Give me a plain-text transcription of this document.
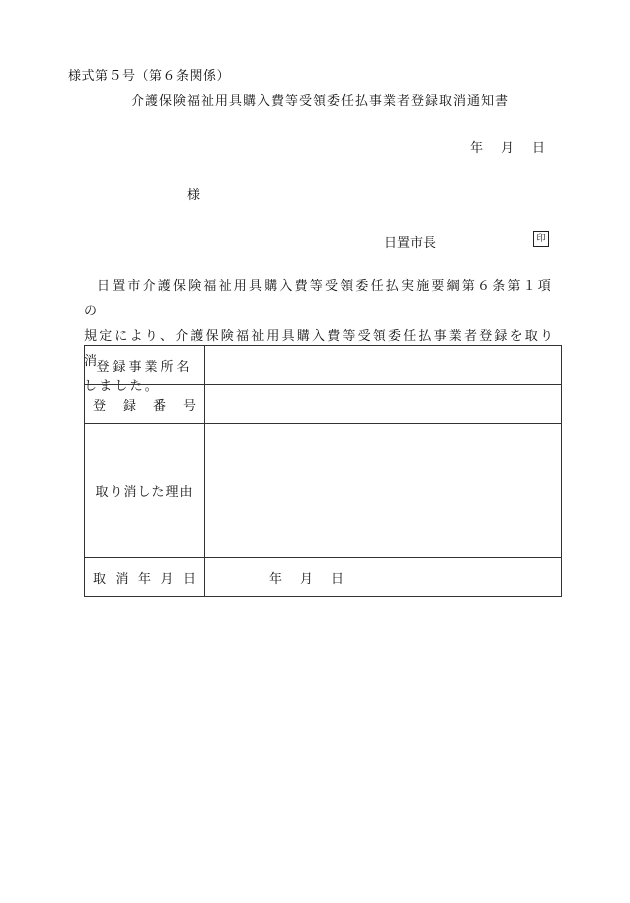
様式第５号（第６条関係）
介護保険福祉用具購入費等受領委任払事業者登録取消通知書
年 月 日
様
日置市長	印

日置市介護保険福祉用具購入費等受領委任払実施要綱第６条第１項の

規定により、介護保険福祉用具購入費等受領委任払事業者登録を取り消

しました。

登録事業所名	

登 録 番 号	

取り消した理由	

取 消 年 月 日	年 月 日
